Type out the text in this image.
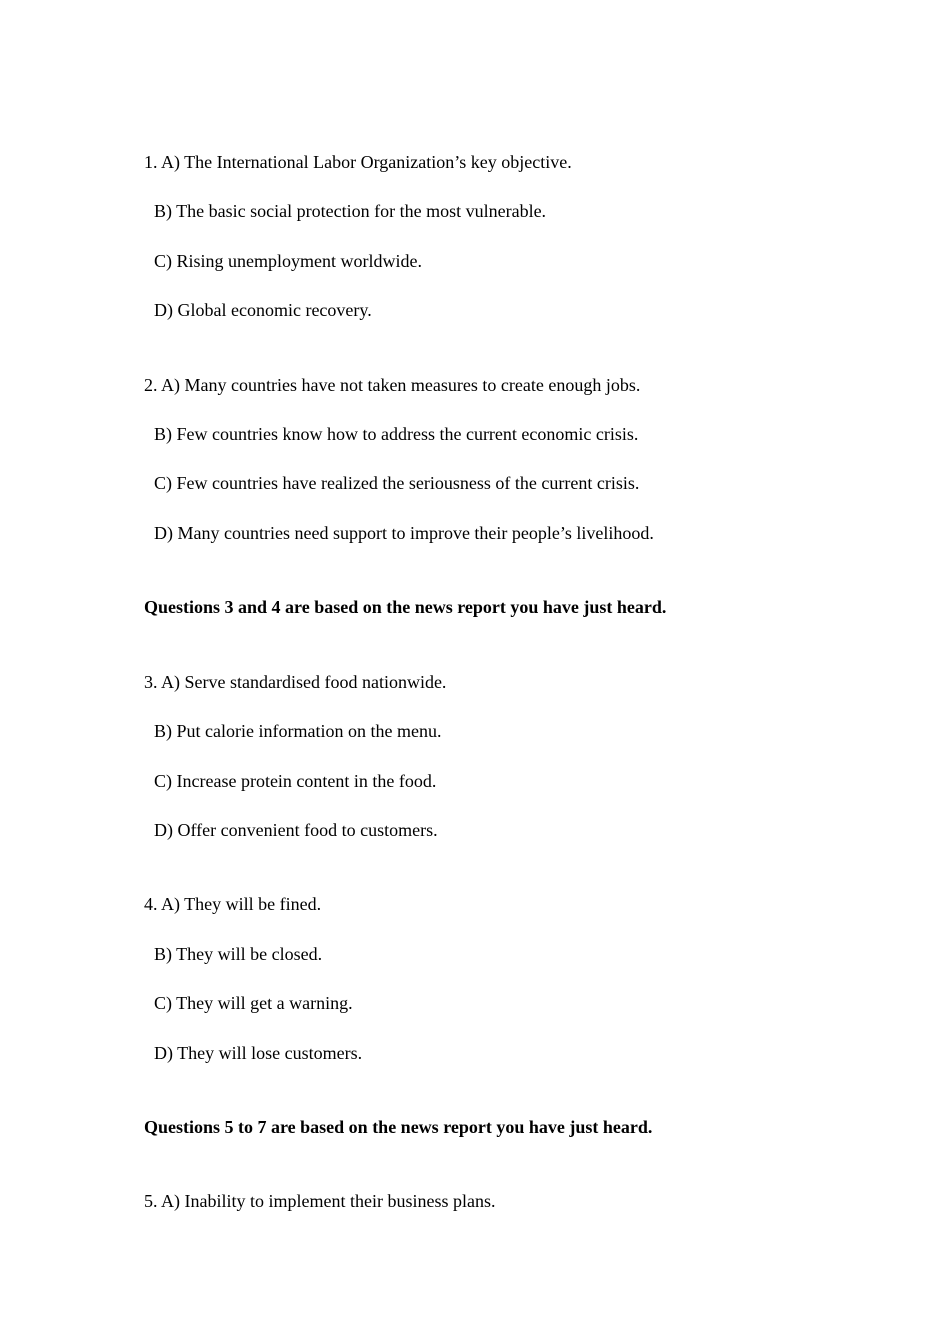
1. A) The International Labor Organization’s key objective.
B) The basic social protection for the most vulnerable.
C) Rising unemployment worldwide.
D) Global economic recovery.
2. A) Many countries have not taken measures to create enough jobs.
B) Few countries know how to address the current economic crisis.
C) Few countries have realized the seriousness of the current crisis.
D) Many countries need support to improve their people’s livelihood.
Questions 3 and 4 are based on the news report you have just heard.
3. A) Serve standardised food nationwide.
B) Put calorie information on the menu.
C) Increase protein content in the food.
D) Offer convenient food to customers.
4. A) They will be fined.
B) They will be closed.
C) They will get a warning.
D) They will lose customers.
Questions 5 to 7 are based on the news report you have just heard.
5. A) Inability to implement their business plans.
